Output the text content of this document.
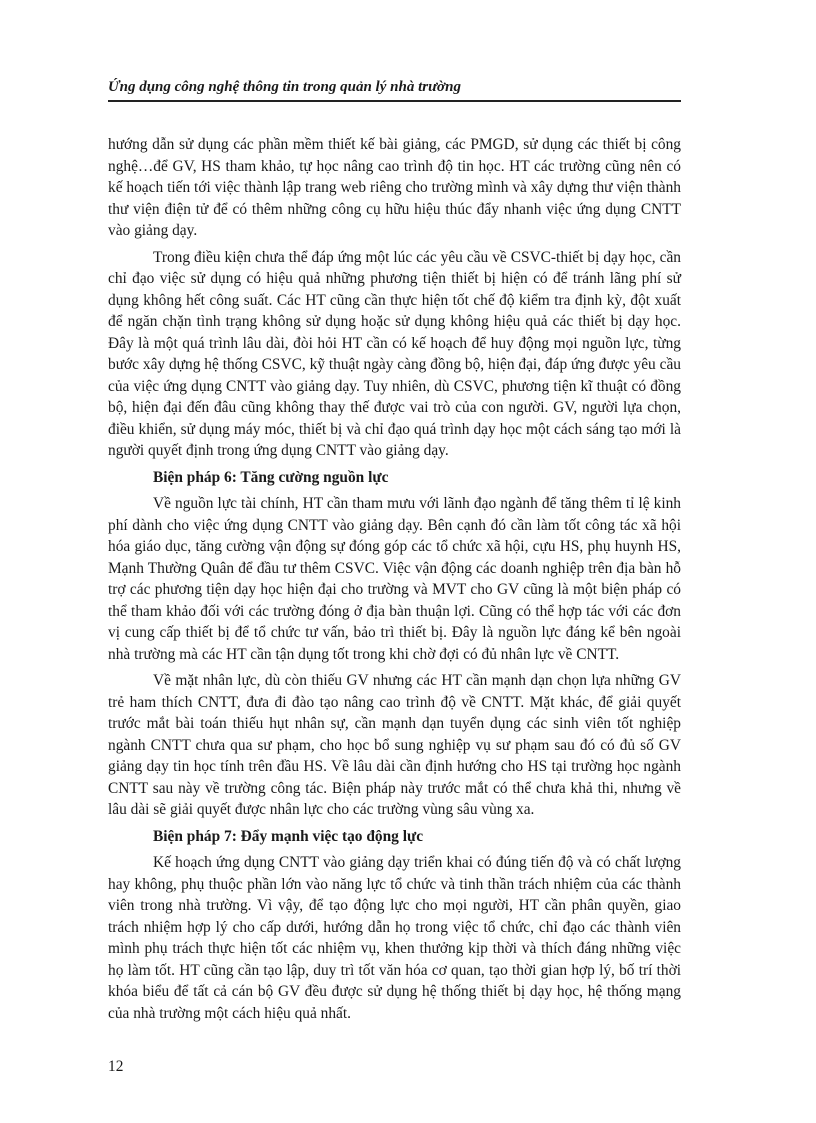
Ứng dụng công nghệ thông tin trong quản lý nhà trường

hướng dẫn sử dụng các phần mềm thiết kế bài giảng, các PMGD, sử dụng các thiết bị công nghệ…để GV, HS tham khảo, tự học nâng cao trình độ tin học. HT các trường cũng nên có kế hoạch tiến tới việc thành lập trang web riêng cho trường mình và xây dựng thư viện thành thư viện điện tử để có thêm những công cụ hữu hiệu thúc đẩy nhanh việc ứng dụng CNTT vào giảng dạy.

Trong điều kiện chưa thể đáp ứng một lúc các yêu cầu về CSVC-thiết bị dạy học, cần chỉ đạo việc sử dụng có hiệu quả những phương tiện thiết bị hiện có để tránh lãng phí sử dụng không hết công suất. Các HT cũng cần thực hiện tốt chế độ kiểm tra định kỳ, đột xuất để ngăn chặn tình trạng không sử dụng hoặc sử dụng không hiệu quả các thiết bị dạy học. Đây là một quá trình lâu dài, đòi hỏi HT cần có kế hoạch để huy động mọi nguồn lực, từng bước xây dựng hệ thống CSVC, kỹ thuật ngày càng đồng bộ, hiện đại, đáp ứng được yêu cầu của việc ứng dụng CNTT vào giảng dạy. Tuy nhiên, dù CSVC, phương tiện kĩ thuật có đồng bộ, hiện đại đến đâu cũng không thay thế được vai trò của con người. GV, người lựa chọn, điều khiển, sử dụng máy móc, thiết bị và chỉ đạo quá trình dạy học một cách sáng tạo mới là người quyết định trong ứng dụng CNTT vào giảng dạy.

Biện pháp 6: Tăng cường nguồn lực

Về nguồn lực tài chính, HT cần tham mưu với lãnh đạo ngành để tăng thêm tỉ lệ kinh phí dành cho việc ứng dụng CNTT vào giảng dạy. Bên cạnh đó cần làm tốt công tác xã hội hóa giáo dục, tăng cường vận động sự đóng góp các tổ chức xã hội, cựu HS, phụ huynh HS, Mạnh Thường Quân để đầu tư thêm CSVC. Việc vận động các doanh nghiệp trên địa bàn hỗ trợ các phương tiện dạy học hiện đại cho trường và MVT cho GV cũng là một biện pháp có thể tham khảo đối với các trường đóng ở địa bàn thuận lợi. Cũng có thể hợp tác với các đơn vị cung cấp thiết bị để tổ chức tư vấn, bảo trì thiết bị. Đây là nguồn lực đáng kể bên ngoài nhà trường mà các HT cần tận dụng tốt trong khi chờ đợi có đủ nhân lực về CNTT.

Về mặt nhân lực, dù còn thiếu GV nhưng các HT cần mạnh dạn chọn lựa những GV trẻ ham thích CNTT, đưa đi đào tạo nâng cao trình độ về CNTT. Mặt khác, để giải quyết trước mắt bài toán thiếu hụt nhân sự, cần mạnh dạn tuyển dụng các sinh viên tốt nghiệp ngành CNTT chưa qua sư phạm, cho học bổ sung nghiệp vụ sư phạm sau đó có đủ số GV giảng dạy tin học tính trên đầu HS. Về lâu dài cần định hướng cho HS tại trường học ngành CNTT sau này về trường công tác. Biện pháp này trước mắt có thể chưa khả thi, nhưng về lâu dài sẽ giải quyết được nhân lực cho các trường vùng sâu vùng xa.

Biện pháp 7: Đẩy mạnh việc tạo động lực

Kế hoạch ứng dụng CNTT vào giảng dạy triển khai có đúng tiến độ và có chất lượng hay không, phụ thuộc phần lớn vào năng lực tổ chức và tinh thần trách nhiệm của các thành viên trong nhà trường. Vì vậy, để tạo động lực cho mọi người, HT cần phân quyền, giao trách nhiệm hợp lý cho cấp dưới, hướng dẫn họ trong việc tổ chức, chỉ đạo các thành viên mình phụ trách thực hiện tốt các nhiệm vụ, khen thưởng kịp thời và thích đáng những việc họ làm tốt. HT cũng cần tạo lập, duy trì tốt văn hóa cơ quan, tạo thời gian hợp lý, bố trí thời khóa biểu để tất cả cán bộ GV đều được sử dụng hệ thống thiết bị dạy học, hệ thống mạng của nhà trường một cách hiệu quả nhất.

12
